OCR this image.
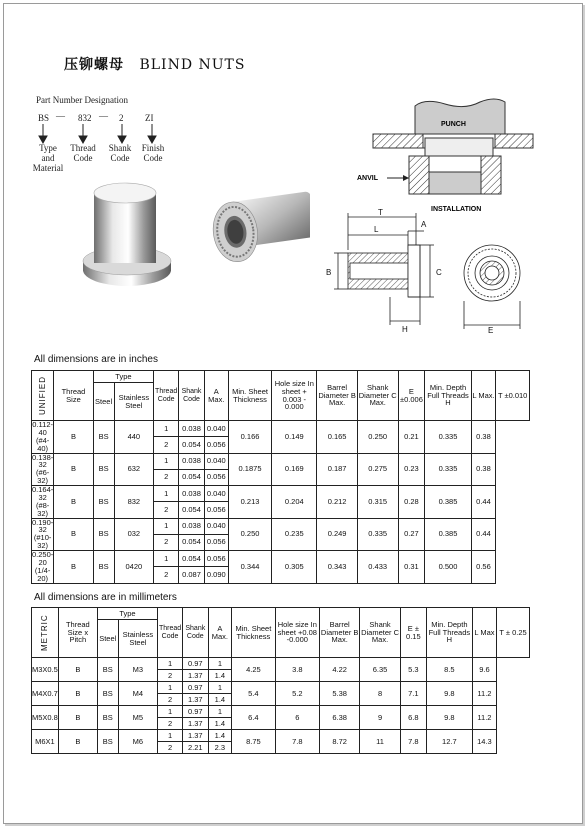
压铆螺母 BLIND NUTS
Part Number Designation
BS — 832 — 2 ZI
Type and Material
Thread Code
Shank Code
Finish Code
PUNCH
ANVIL
INSTALLATION
T
L
A
B	C
H	E
All dimensions are in inches
UNIFIED	Thread Size	Type		Thread Code	Shank Code	A Max.	Min. Sheet Thickness	Hole size In sheet + 0.003 - 0.000	Barrel Diameter B Max.	Shank Diameter C Max.	E ±0.006	Min. Depth Full Threads H	L Max.	T ±0.010
		Steel	Stainless Steel											
0.112-40 (#4-40)	B	BS	440	1	0.038	0.040	0.166	0.149	0.165	0.250	0.21	0.335	0.38	
				2	0.054	0.056								
0.138-32 (#6-32)	B	BS	632	1	0.038	0.040	0.1875	0.169	0.187	0.275	0.23	0.335	0.38	
				2	0.054	0.056								
0.164-32 (#8-32)	B	BS	832	1	0.038	0.040	0.213	0.204	0.212	0.315	0.28	0.385	0.44	
				2	0.054	0.056								
0.190-32 (#10-32)	B	BS	032	1	0.038	0.040	0.250	0.235	0.249	0.335	0.27	0.385	0.44	
				2	0.054	0.056								
0.250-20 (1/4-20)	B	BS	0420	1	0.054	0.056	0.344	0.305	0.343	0.433	0.31	0.500	0.56	
				2	0.087	0.090								
All dimensions are in millimeters
METRIC	Thread Size x Pitch	Type		Thread Code	Shank Code	A Max.	Min. Sheet Thickness	Hole size In sheet +0.08 -0.000	Barrel Diameter B Max.	Shank Diameter C Max.	E ± 0.15	Min. Depth Full Threads H	L Max	T ± 0.25
		Steel	Stainless Steel											
M3X0.5	B	BS	M3	1	0.97	1	4.25	3.8	4.22	6.35	5.3	8.5	9.6	
				2	1.37	1.4								
M4X0.7	B	BS	M4	1	0.97	1	5.4	5.2	5.38	8	7.1	9.8	11.2	
				2	1.37	1.4								
M5X0.8	B	BS	M5	1	0.97	1	6.4	6	6.38	9	6.8	9.8	11.2	
				2	1.37	1.4								
M6X1	B	BS	M6	1	1.37	1.4	8.75	7.8	8.72	11	7.8	12.7	14.3	
				2	2.21	2.3								
